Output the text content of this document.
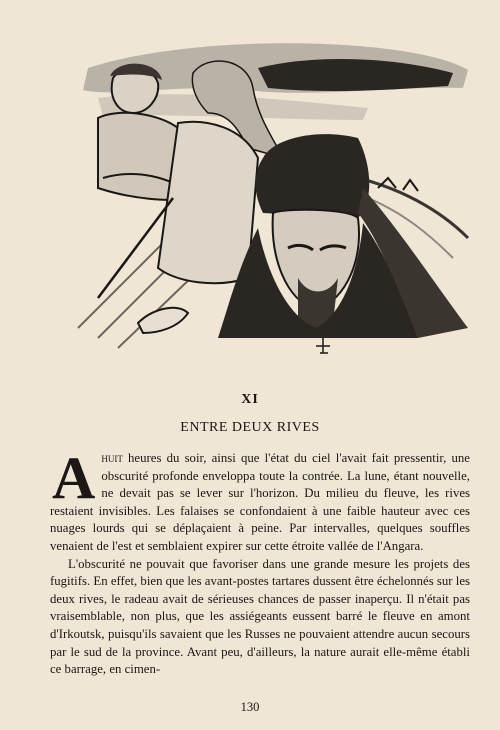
XI
ENTRE DEUX RIVES

Ahuit heures du soir, ainsi que l'état du ciel l'avait fait pressentir, une obscurité profonde enveloppa toute la contrée. La lune, étant nouvelle, ne devait pas se lever sur l'horizon. Du milieu du fleuve, les rives restaient invisibles. Les falaises se confondaient à une faible hauteur avec ces nuages lourds qui se déplaçaient à peine. Par intervalles, quelques souffles venaient de l'est et semblaient expirer sur cette étroite vallée de l'Angara.

L'obscurité ne pouvait que favoriser dans une grande mesure les projets des fugitifs. En effet, bien que les avant-postes tartares dussent être échelonnés sur les deux rives, le radeau avait de sérieuses chances de passer inaperçu. Il n'était pas vraisemblable, non plus, que les assiégeants eussent barré le fleuve en amont d'Irkoutsk, puisqu'ils savaient que les Russes ne pouvaient attendre aucun secours par le sud de la province. Avant peu, d'ailleurs, la nature aurait elle-même établi ce barrage, en cimen-

130
